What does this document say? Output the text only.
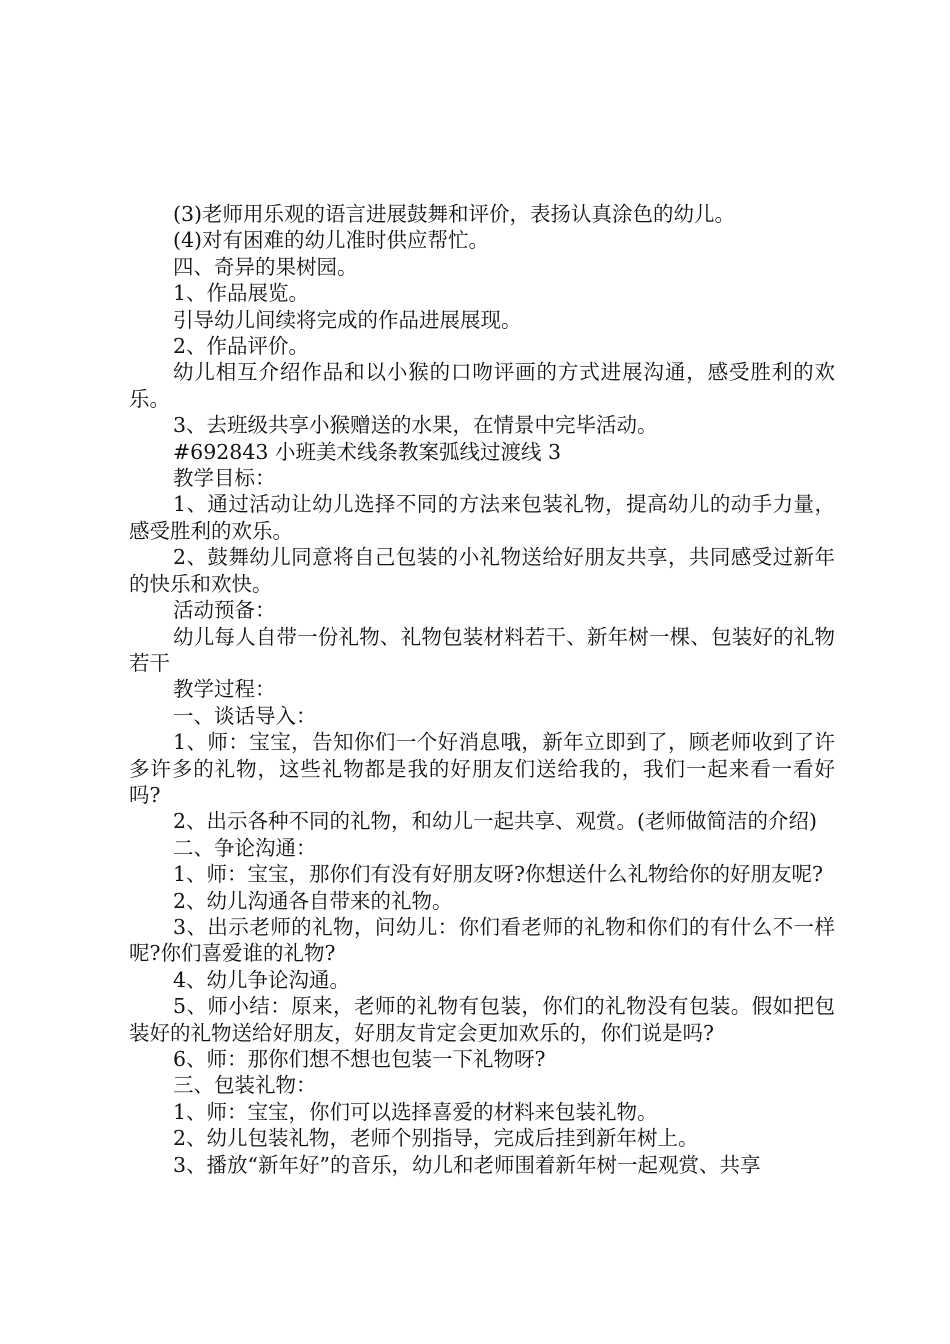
(3)老师用乐观的语言进展鼓舞和评价，表扬认真涂色的幼儿。

(4)对有困难的幼儿准时供应帮忙。

四、奇异的果树园。

1、作品展览。

引导幼儿间续将完成的作品进展展现。

2、作品评价。

幼儿相互介绍作品和以小猴的口吻评画的方式进展沟通，感受胜利的欢乐。

3、去班级共享小猴赠送的水果，在情景中完毕活动。

#692843 小班美术线条教案弧线过渡线 3

教学目标：

1、通过活动让幼儿选择不同的方法来包装礼物，提高幼儿的动手力量，感受胜利的欢乐。

2、鼓舞幼儿同意将自己包装的小礼物送给好朋友共享，共同感受过新年的快乐和欢快。

活动预备：

幼儿每人自带一份礼物、礼物包装材料若干、新年树一棵、包装好的礼物若干

教学过程：

一、谈话导入：

1、师：宝宝，告知你们一个好消息哦，新年立即到了，顾老师收到了许多许多的礼物，这些礼物都是我的好朋友们送给我的，我们一起来看一看好吗?

2、出示各种不同的礼物，和幼儿一起共享、观赏。(老师做简洁的介绍)

二、争论沟通：

1、师：宝宝，那你们有没有好朋友呀?你想送什么礼物给你的好朋友呢?

2、幼儿沟通各自带来的礼物。

3、出示老师的礼物，问幼儿：你们看老师的礼物和你们的有什么不一样呢?你们喜爱谁的礼物?

4、幼儿争论沟通。

5、师小结：原来，老师的礼物有包装，你们的礼物没有包装。假如把包装好的礼物送给好朋友，好朋友肯定会更加欢乐的，你们说是吗?

6、师：那你们想不想也包装一下礼物呀?

三、包装礼物：

1、师：宝宝，你们可以选择喜爱的材料来包装礼物。

2、幼儿包装礼物，老师个别指导，完成后挂到新年树上。

3、播放“新年好”的音乐，幼儿和老师围着新年树一起观赏、共享
